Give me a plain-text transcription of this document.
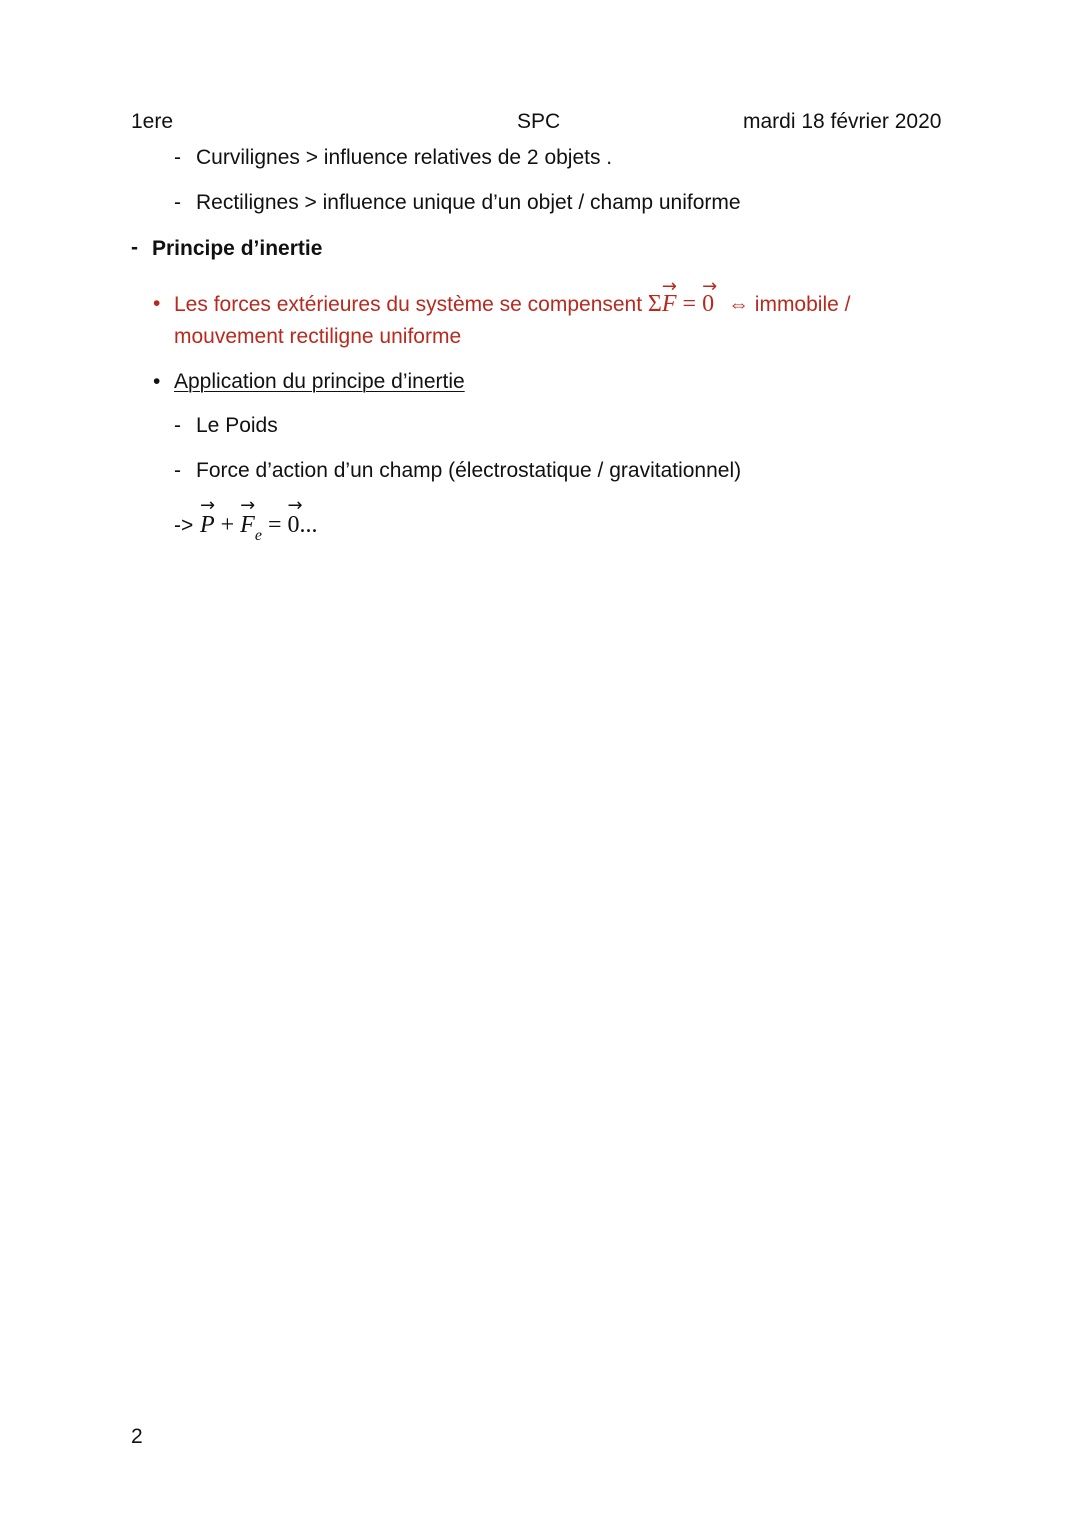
1ere	SPC	mardi 18 février 2020
- Curvilignes > influence relatives de 2 objets .
- Rectilignes > influence unique d’un objet / champ uniforme
- Principe d’inertie
• Les forces extérieures du système se compensent Σ
→
F =
→
0 ⇔ immobile /
mouvement rectiligne uniforme
• Application du principe d’inertie
- Le Poids
- Force d’action d’un champ (électrostatique / gravitationnel)
->
→
P +
→
$F_e$ =
→
0...
2
